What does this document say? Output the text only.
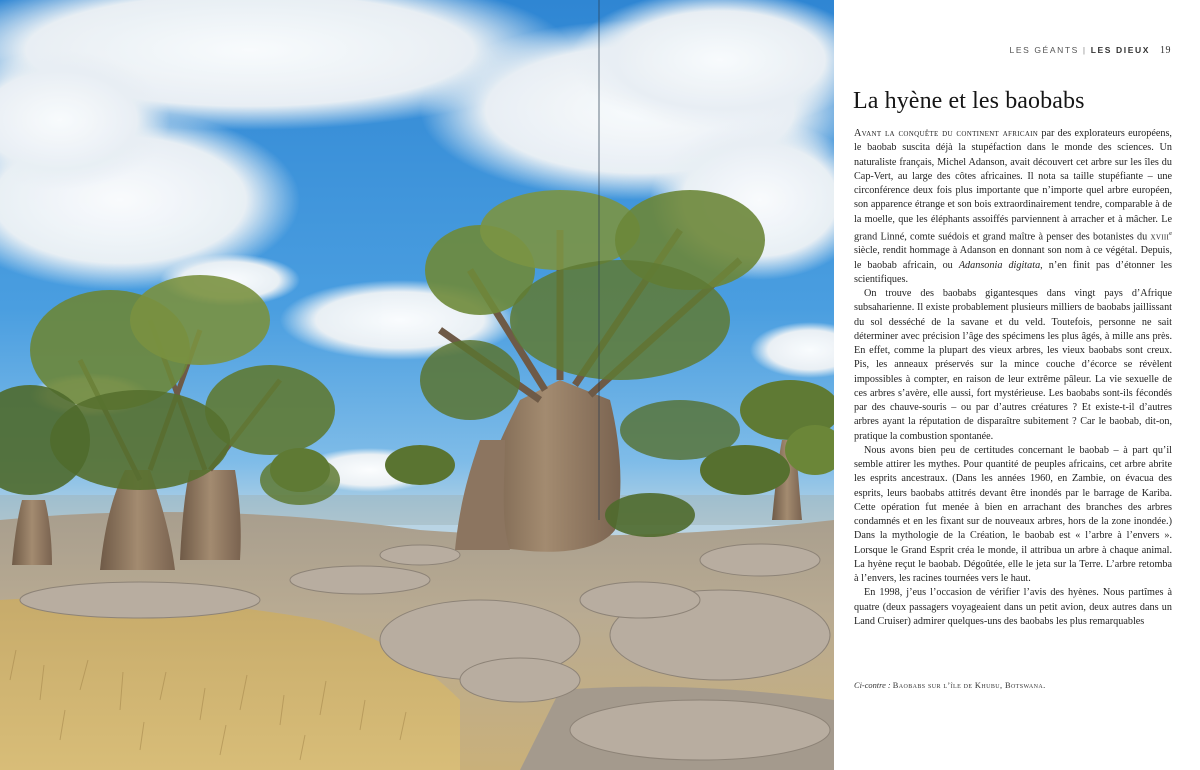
LES GÉANTS | LES DIEUX 19
La hyène et les baobabs

Avant la conquête du continent africain par des explorateurs européens, le baobab suscita déjà la stupéfaction dans le monde des sciences. Un naturaliste français, Michel Adanson, avait découvert cet arbre sur les îles du Cap-Vert, au large des côtes africaines. Il nota sa taille stupéfiante – une circonférence deux fois plus importante que n’importe quel arbre européen, son apparence étrange et son bois extraordinairement tendre, comparable à de la moelle, que les éléphants assoiffés parviennent à arracher et à mâcher. Le grand Linné, comte suédois et grand maître à penser des botanistes du xviii$^e$ siècle, rendit hommage à Adanson en donnant son nom à ce végétal. Depuis, le baobab africain, ou Adansonia digitata, n’en finit pas d’étonner les scientifiques.

On trouve des baobabs gigantesques dans vingt pays d’Afrique subsaharienne. Il existe probablement plusieurs milliers de baobabs jaillissant du sol desséché de la savane et du veld. Toutefois, personne ne sait déterminer avec précision l’âge des spécimens les plus âgés, à mille ans près. En effet, comme la plupart des vieux arbres, les vieux baobabs sont creux. Pis, les anneaux préservés sur la mince couche d’écorce se révèlent impossibles à compter, en raison de leur extrême pâleur. La vie sexuelle de ces arbres s’avère, elle aussi, fort mystérieuse. Les baobabs sont-ils fécondés par des chauve-souris – ou par d’autres créatures ? Et existe-t-il d’autres arbres ayant la réputation de disparaître subitement ? Car le baobab, dit-on, pratique la combustion spontanée.

Nous avons bien peu de certitudes concernant le baobab – à part qu’il semble attirer les mythes. Pour quantité de peuples africains, cet arbre abrite les esprits ancestraux. (Dans les années 1960, en Zambie, on évacua des esprits, leurs baobabs attitrés devant être inondés par le barrage de Kariba. Cette opération fut menée à bien en arrachant des branches des arbres condamnés et en les fixant sur de nouveaux arbres, hors de la zone inondée.) Dans la mythologie de la Création, le baobab est « l’arbre à l’envers ». Lorsque le Grand Esprit créa le monde, il attribua un arbre à chaque animal. La hyène reçut le baobab. Dégoûtée, elle le jeta sur la Terre. L’arbre retomba à l’envers, les racines tournées vers le haut.

En 1998, j’eus l’occasion de vérifier l’avis des hyènes. Nous partîmes à quatre (deux passagers voyageaient dans un petit avion, deux autres dans un Land Cruiser) admirer quelques-uns des baobabs les plus remarquables

Ci-contre : Baobabs sur l’île de Khubu, Botswana.
